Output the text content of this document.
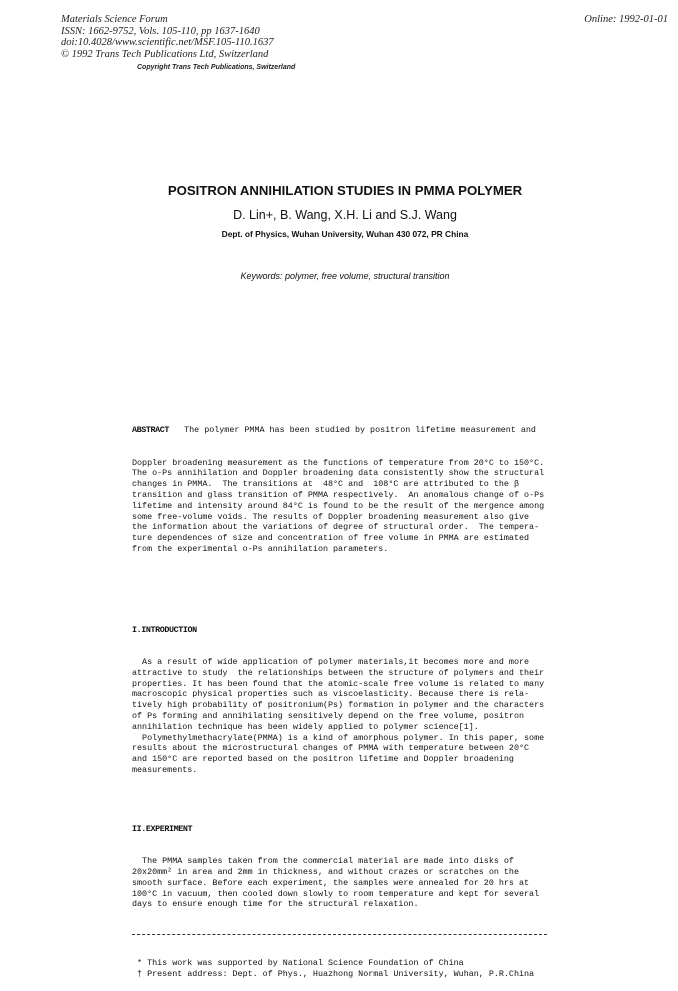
Materials Science Forum
ISSN: 1662-9752, Vols. 105-110, pp 1637-1640
doi:10.4028/www.scientific.net/MSF.105-110.1637
© 1992 Trans Tech Publications Ltd, Switzerland
Online: 1992-01-01
Copyright Trans Tech Publications, Switzerland
POSITRON ANNIHILATION STUDIES IN PMMA POLYMER
D. Lin+, B. Wang, X.H. Li and S.J. Wang
Dept. of Physics, Wuhan University, Wuhan 430 072, PR China
Keywords: polymer, free volume, structural transition

ABSTRACT   The polymer PMMA has been studied by positron lifetime measurement and

Doppler broadening measurement as the functions of temperature from 20°C to 150°C.
The o-Ps annihilation and Doppler broadening data consistently show the structural
changes in PMMA.  The transitions at  48°C and  108°C are attributed to the β
transition and glass transition of PMMA respectively.  An anomalous change of o-Ps
lifetime and intensity around 84°C is found to be the result of the mergence among
some free-volume voids. The results of Doppler broadening measurement also give
the information about the variations of degree of structural order.  The tempera-
ture dependences of size and concentration of free volume in PMMA are estimated
from the experimental o-Ps annihilation parameters.

I.INTRODUCTION

As a result of wide application of polymer materials,it becomes more and more
attractive to study  the relationships between the structure of polymers and their
properties. It has been found that the atomic-scale free volume is related to many
macroscopic physical properties such as viscoelasticity. Because there is rela-
tively high probability of positronium(Ps) formation in polymer and the characters
of Ps forming and annihilating sensitively depend on the free volume, positron
annihilation technique has been widely applied to polymer science[1].
Polymethylmethacrylate(PMMA) is a kind of amorphous polymer. In this paper, some
results about the microstructural changes of PMMA with temperature between 20°C
and 150°C are reported based on the positron lifetime and Doppler broadening
measurements.

II.EXPERIMENT

The PMMA samples taken from the commercial material are made into disks of
20x20mm² in area and 2mm in thickness, and without crazes or scratches on the
smooth surface. Before each experiment, the samples were annealed for 20 hrs at
100°C in vacuum, then cooled down slowly to room temperature and kept for several
days to ensure enough time for the structural relaxation.

* This work was supported by National Science Foundation of China
† Present address: Dept. of Phys., Huazhong Normal University, Wuhan, P.R.China
